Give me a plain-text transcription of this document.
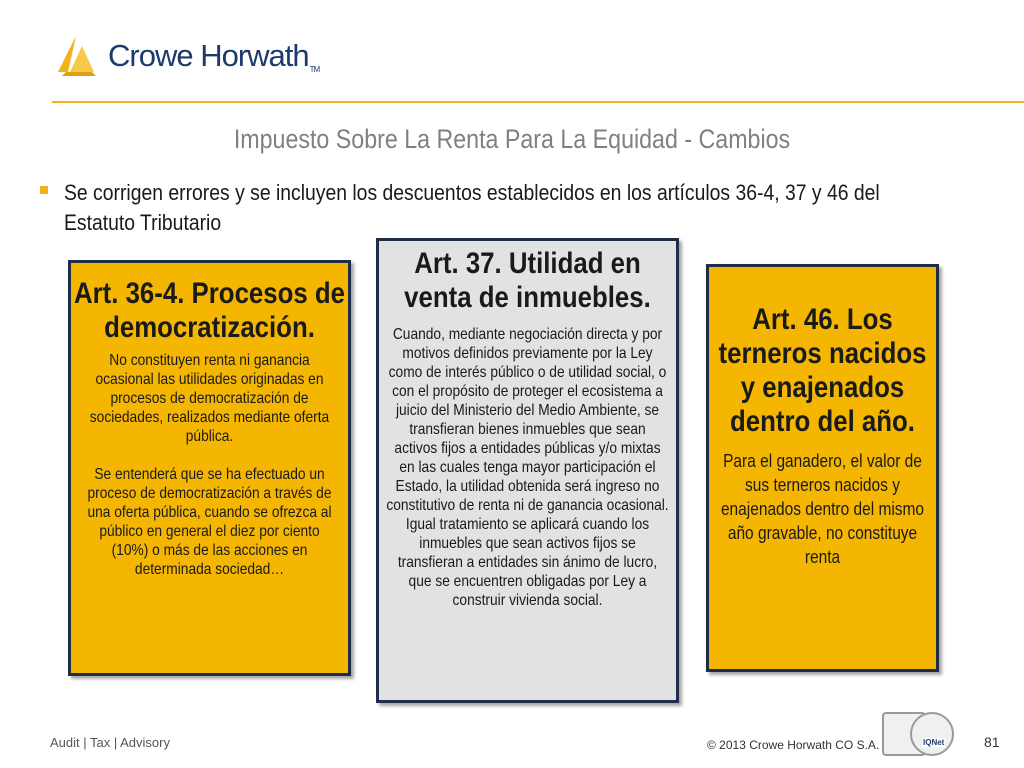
Crowe HorwathTM
Impuesto Sobre La Renta Para La Equidad - Cambios
Se corrigen errores y se incluyen los descuentos establecidos en los artículos 36-4, 37 y 46 del Estatuto Tributario
Art. 36-4. Procesos de democratización.

No constituyen renta ni ganancia ocasional las utilidades originadas en procesos de democratización de sociedades, realizados mediante oferta pública.

Se entenderá que se ha efectuado un proceso de democratización a través de una oferta pública, cuando se ofrezca al público en general el diez por ciento (10%) o más de las acciones en determinada sociedad…

Art. 37. Utilidad en venta de inmuebles.
Cuando, mediante negociación directa y por motivos definidos previamente por la Ley como de interés público o de utilidad social, o con el propósito de proteger el ecosistema a juicio del Ministerio del Medio Ambiente, se transfieran bienes inmuebles que sean activos fijos a entidades públicas y/o mixtas en las cuales tenga mayor participación el Estado, la utilidad obtenida será ingreso no constitutivo de renta ni de ganancia ocasional. Igual tratamiento se aplicará cuando los inmuebles que sean activos fijos se transfieran a entidades sin ánimo de lucro, que se encuentren obligadas por Ley a construir vivienda social.
Art. 46. Los terneros nacidos y enajenados dentro del año.
Para el ganadero, el valor de sus terneros nacidos y enajenados dentro del mismo año gravable, no constituye renta
Audit | Tax | Advisory	© 2013 Crowe Horwath CO S.A.	IQNet	81
